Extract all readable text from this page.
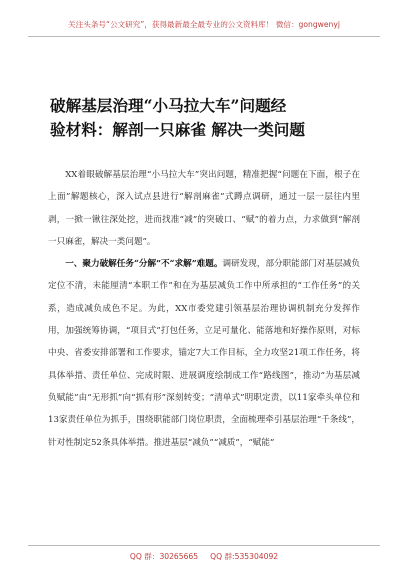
关注头条号“公文研究”，获得最新最全最专业的公文资料库！ 微信：gongwenyj
破解基层治理“小马拉大车”问题经
验材料：解剖一只麻雀 解决一类问题

XX着眼破解基层治理“小马拉大车”突出问题，精准把握“问题在下面，根子在上面”解题核心，深入试点县进行“解剖麻雀”式蹲点调研，通过一层一层往内里剥，一掀一锹往深处挖，进而找准“减”的突破口、“赋”的着力点，力求做到“解剖一只麻雀，解决一类问题”。

一、聚力破解任务“分解”不“求解”难题。调研发现，部分职能部门对基层减负定位不清，未能厘清“本职工作”和在为基层减负工作中所承担的“工作任务”的关系，造成减负成色不足。为此，XX市委党建引领基层治理协调机制充分发挥作用，加强统筹协调，“项目式”打包任务，立足可量化、能落地和好操作原则，对标中央、省委安排部署和工作要求，锚定7大工作目标，全力攻坚21项工作任务，将具体举措、责任单位、完成时限、进展调度绘制成工作“路线图”，推动“为基层减负赋能”由“无形抓”向“抓有形”深刻转变；“清单式”明职定责，以11家牵头单位和13家责任单位为抓手，围绕职能部门岗位职责，全面梳理牵引基层治理“千条线”，针对性制定52条具体举措。推进基层“减负”“减质”，“赋能”

QQ 群：30265665 QQ 群:535304092
